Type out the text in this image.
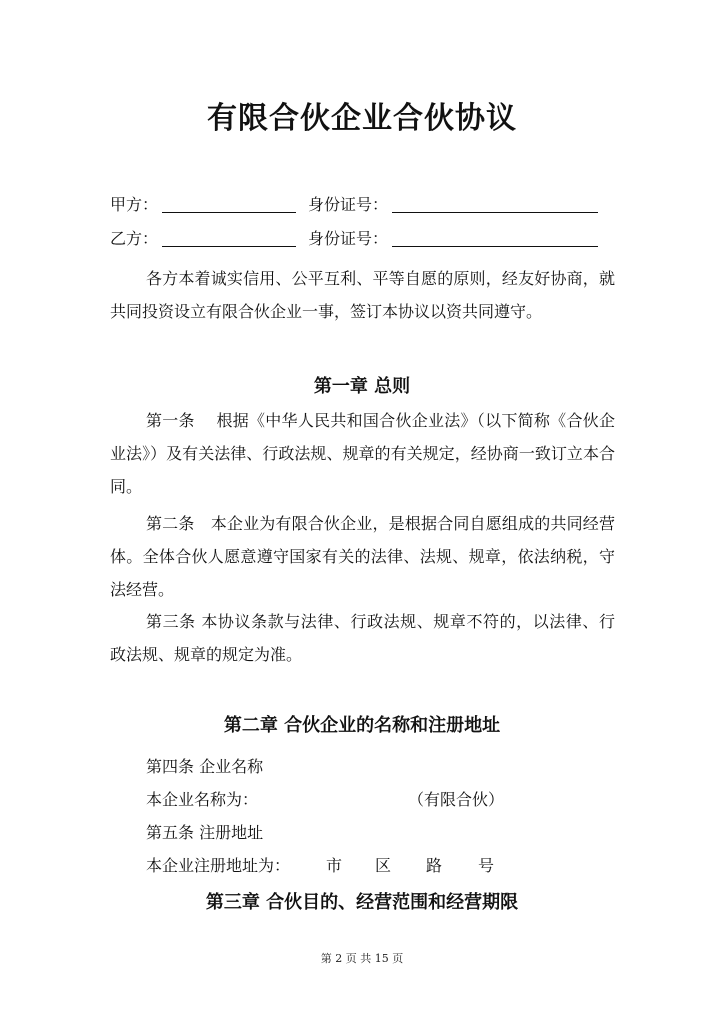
有限合伙企业合伙协议
甲方：	身份证号：
乙方：	身份证号：
各方本着诚实信用、公平互利、平等自愿的原则，经友好协商，就共同投资设立有限合伙企业一事，签订本协议以资共同遵守。
第一章 总则
第一条　 根据《中华人民共和国合伙企业法》（以下简称《合伙企业法》）及有关法律、行政法规、规章的有关规定，经协商一致订立本合同。
第二条　本企业为有限合伙企业，是根据合同自愿组成的共同经营体。全体合伙人愿意遵守国家有关的法律、法规、规章，依法纳税，守法经营。
第三条 本协议条款与法律、行政法规、规章不符的，以法律、行政法规、规章的规定为准。
第二章 合伙企业的名称和注册地址
第四条 企业名称
本企业名称为：	（有限合伙）
第五条 注册地址
本企业注册地址为： 市 区 路 号
第三章 合伙目的、经营范围和经营期限
第 2 页 共 15 页
